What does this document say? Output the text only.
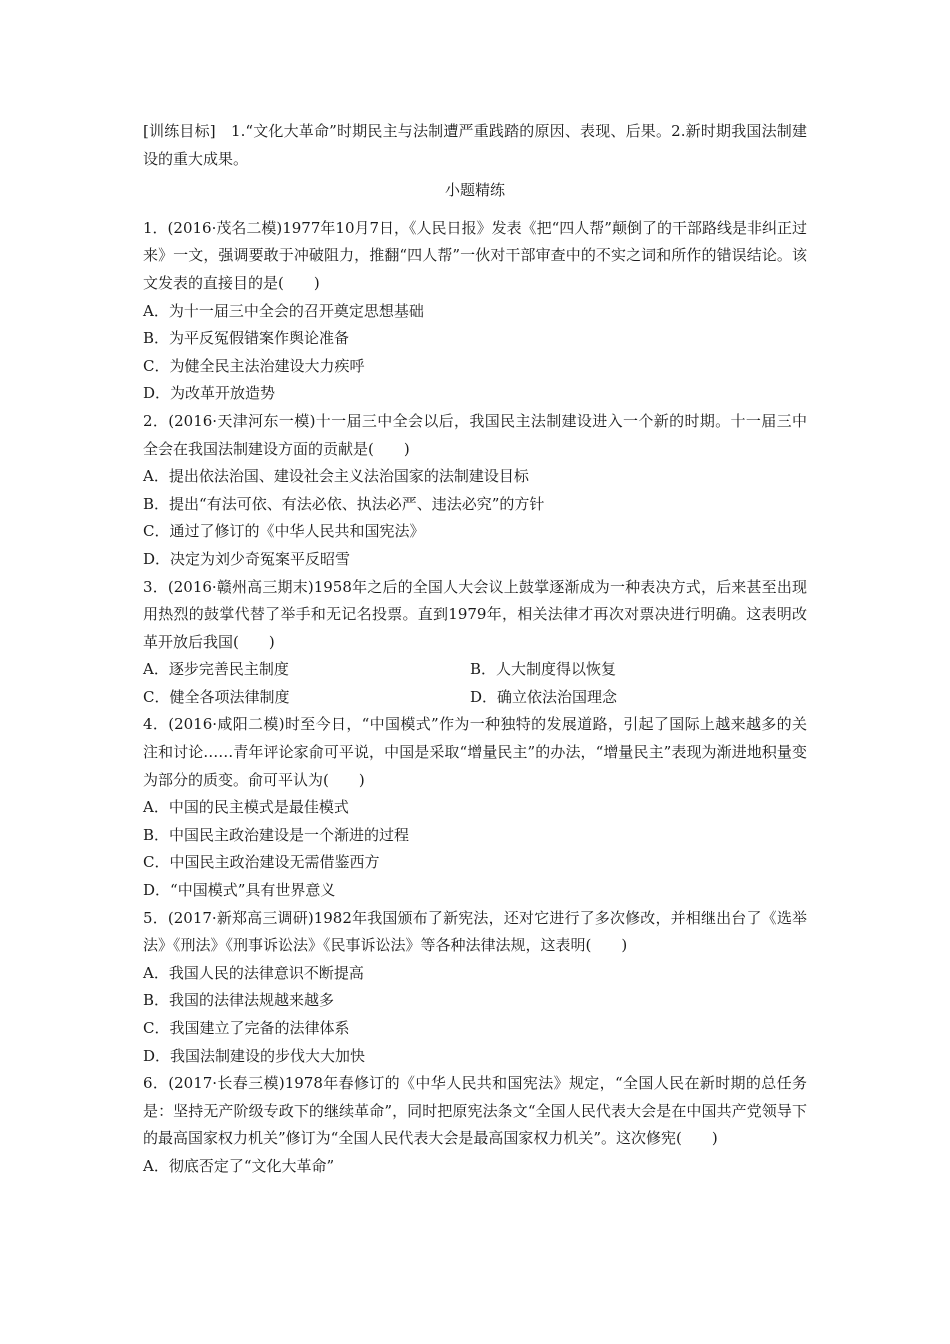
[训练目标]　1.“文化大革命”时期民主与法制遭严重践踏的原因、表现、后果。2.新时期我国法制建设的重大成果。

小题精练

1．(2016·茂名二模)1977年10月7日，《人民日报》发表《把“四人帮”颠倒了的干部路线是非纠正过来》一文，强调要敢于冲破阻力，推翻“四人帮”一伙对干部审查中的不实之词和所作的错误结论。该文发表的直接目的是(　　)

A．为十一届三中全会的召开奠定思想基础

B．为平反冤假错案作舆论准备

C．为健全民主法治建设大力疾呼

D．为改革开放造势

2．(2016·天津河东一模)十一届三中全会以后，我国民主法制建设进入一个新的时期。十一届三中全会在我国法制建设方面的贡献是(　　)

A．提出依法治国、建设社会主义法治国家的法制建设目标

B．提出“有法可依、有法必依、执法必严、违法必究”的方针

C．通过了修订的《中华人民共和国宪法》

D．决定为刘少奇冤案平反昭雪

3．(2016·赣州高三期末)1958年之后的全国人大会议上鼓掌逐渐成为一种表决方式，后来甚至出现用热烈的鼓掌代替了举手和无记名投票。直到1979年，相关法律才再次对票决进行明确。这表明改革开放后我国(　　)

A．逐步完善民主制度	B．人大制度得以恢复

C．健全各项法律制度	D．确立依法治国理念

4．(2016·咸阳二模)时至今日，“中国模式”作为一种独特的发展道路，引起了国际上越来越多的关注和讨论……青年评论家俞可平说，中国是采取“增量民主”的办法，“增量民主”表现为渐进地积量变为部分的质变。俞可平认为(　　)

A．中国的民主模式是最佳模式

B．中国民主政治建设是一个渐进的过程

C．中国民主政治建设无需借鉴西方

D．“中国模式”具有世界意义

5．(2017·新郑高三调研)1982年我国颁布了新宪法，还对它进行了多次修改，并相继出台了《选举法》《刑法》《刑事诉讼法》《民事诉讼法》等各种法律法规，这表明(　　)

A．我国人民的法律意识不断提高

B．我国的法律法规越来越多

C．我国建立了完备的法律体系

D．我国法制建设的步伐大大加快

6．(2017·长春三模)1978年春修订的《中华人民共和国宪法》规定，“全国人民在新时期的总任务是：坚持无产阶级专政下的继续革命”，同时把原宪法条文“全国人民代表大会是在中国共产党领导下的最高国家权力机关”修订为“全国人民代表大会是最高国家权力机关”。这次修宪(　　)

A．彻底否定了“文化大革命”
